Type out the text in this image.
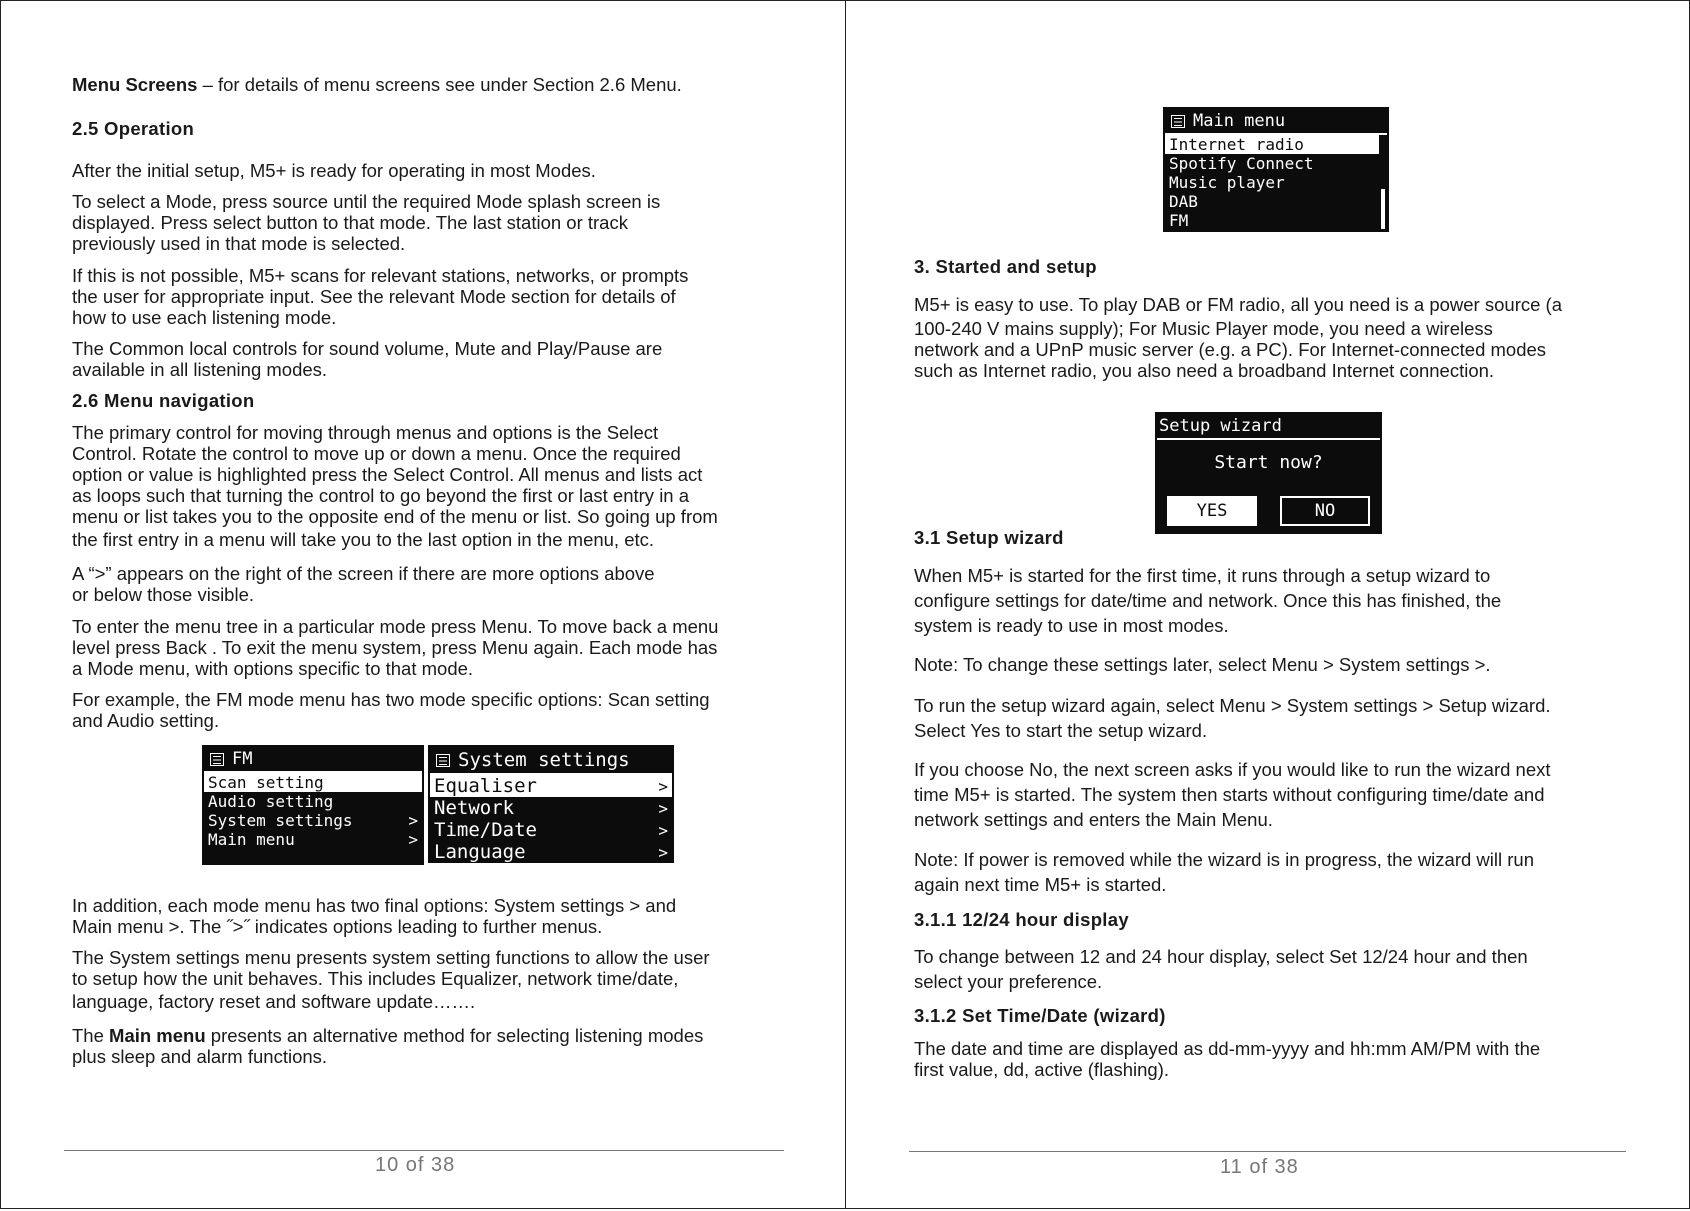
Menu Screens – for details of menu screens see under Section 2.6 Menu.

2.5 Operation

After the initial setup, M5+ is ready for operating in most Modes.

To select a Mode, press source until the required Mode splash screen is
displayed. Press select button to that mode. The last station or track
previously used in that mode is selected.
If this is not possible, M5+ scans for relevant stations, networks, or prompts
the user for appropriate input. See the relevant Mode section for details of
how to use each listening mode.
The Common local controls for sound volume, Mute and Play/Pause are
available in all listening modes.

2.6 Menu navigation

The primary control for moving through menus and options is the Select
Control. Rotate the control to move up or down a menu. Once the required
option or value is highlighted press the Select Control. All menus and lists act
as loops such that turning the control to go beyond the first or last entry in a
menu or list takes you to the opposite end of the menu or list. So going up from
the first entry in a menu will take you to the last option in the menu, etc.
A “>” appears on the right of the screen if there are more options above
or below those visible.
To enter the menu tree in a particular mode press Menu. To move back a menu
level press Back . To exit the menu system, press Menu again. Each mode has
a Mode menu, with options specific to that mode.
For example, the FM mode menu has two mode specific options: Scan setting
and Audio setting.
In addition, each mode menu has two final options: System settings > and
Main menu >. The ˝>˝ indicates options leading to further menus.
The System settings menu presents system setting functions to allow the user
to setup how the unit behaves. This includes Equalizer, network time/date,
language, factory reset and software update…….
The Main menu presents an alternative method for selecting listening modes
plus sleep and alarm functions.
10 of 38
FM
Scan setting
Audio setting
System settings	>
Main menu	>
System settings
Equaliser	>
Network	>
Time/Date	>
Language	>

3. Started and setup

M5+ is easy to use. To play DAB or FM radio, all you need is a power source (a
100-240 V mains supply); For Music Player mode, you need a wireless
network and a UPnP music server (e.g. a PC). For Internet-connected modes
such as Internet radio, you also need a broadband Internet connection.

3.1 Setup wizard

When M5+ is started for the first time, it runs through a setup wizard to
configure settings for date/time and network. Once this has finished, the
system is ready to use in most modes.

Note: To change these settings later, select Menu > System settings >.

To run the setup wizard again, select Menu > System settings > Setup wizard.
Select Yes to start the setup wizard.
If you choose No, the next screen asks if you would like to run the wizard next
time M5+ is started. The system then starts without configuring time/date and
network settings and enters the Main Menu.
Note: If power is removed while the wizard is in progress, the wizard will run
again next time M5+ is started.

3.1.1 12/24 hour display

To change between 12 and 24 hour display, select Set 12/24 hour and then
select your preference.

3.1.2 Set Time/Date (wizard)

The date and time are displayed as dd-mm-yyyy and hh:mm AM/PM with the
first value, dd, active (flashing).
11 of 38
Main menu
Internet radio
Spotify Connect
Music player
DAB
FM
Setup wizard
Start now?
YES	NO
